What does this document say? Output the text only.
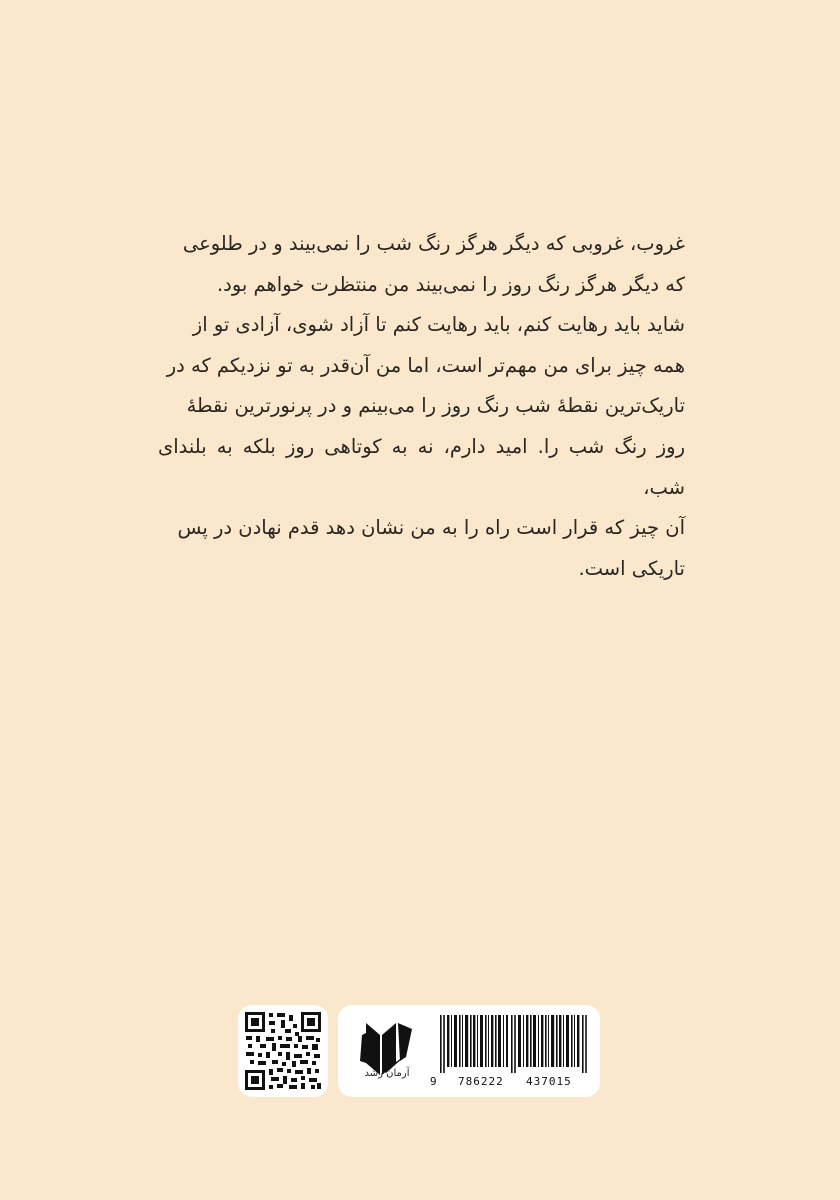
غروب، غروبی که دیگر هرگز رنگ شب را نمی‌بیند و در طلوعی

که دیگر هرگز رنگ روز را نمی‌بیند من منتظرت خواهم بود.

شاید باید رهایت کنم، باید رهایت کنم تا آزاد شوی، آزادی تو از

همه چیز برای من مهم‌تر است، اما من آن‌قدر به تو نزدیکم که در

تاریک‌ترین نقطهٔ شب رنگ روز را می‌بینم و در پرنورترین نقطهٔ

روز رنگ شب را. امید دارم، نه به کوتاهی روز بلکه به بلندای شب،

آن چیز که قرار است راه را به من نشان دهد قدم نهادن در پس

تاریکی است.

آرمان رشد
9 786222 437015
